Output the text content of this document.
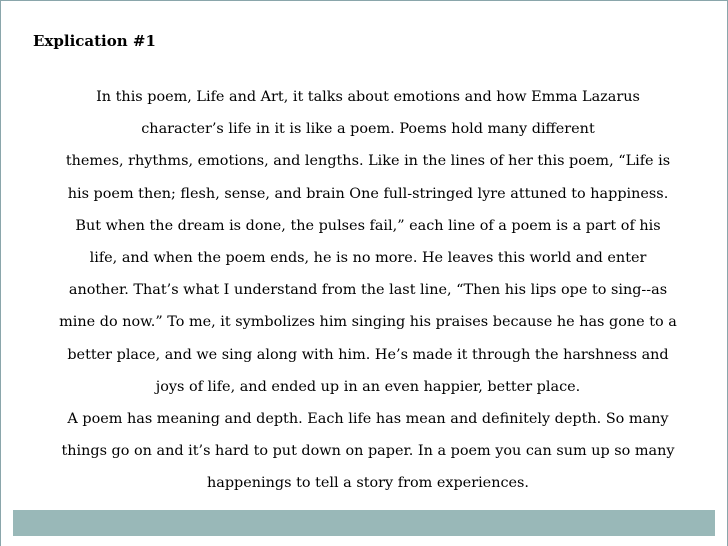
Explication #1
In this poem, Life and Art, it talks about emotions and how Emma Lazarus
character’s life in it is like a poem. Poems hold many different
themes, rhythms, emotions, and lengths. Like in the lines of her this poem, “Life is
his poem then; flesh, sense, and brain One full-stringed lyre attuned to happiness.
But when the dream is done, the pulses fail,” each line of a poem is a part of his
life, and when the poem ends, he is no more. He leaves this world and enter
another. That’s what I understand from the last line, “Then his lips ope to sing--as
mine do now.” To me, it symbolizes him singing his praises because he has gone to a
better place, and we sing along with him. He’s made it through the harshness and
joys of life, and ended up in an even happier, better place.
A poem has meaning and depth. Each life has mean and definitely depth. So many
things go on and it’s hard to put down on paper. In a poem you can sum up so many
happenings to tell a story from experiences.
